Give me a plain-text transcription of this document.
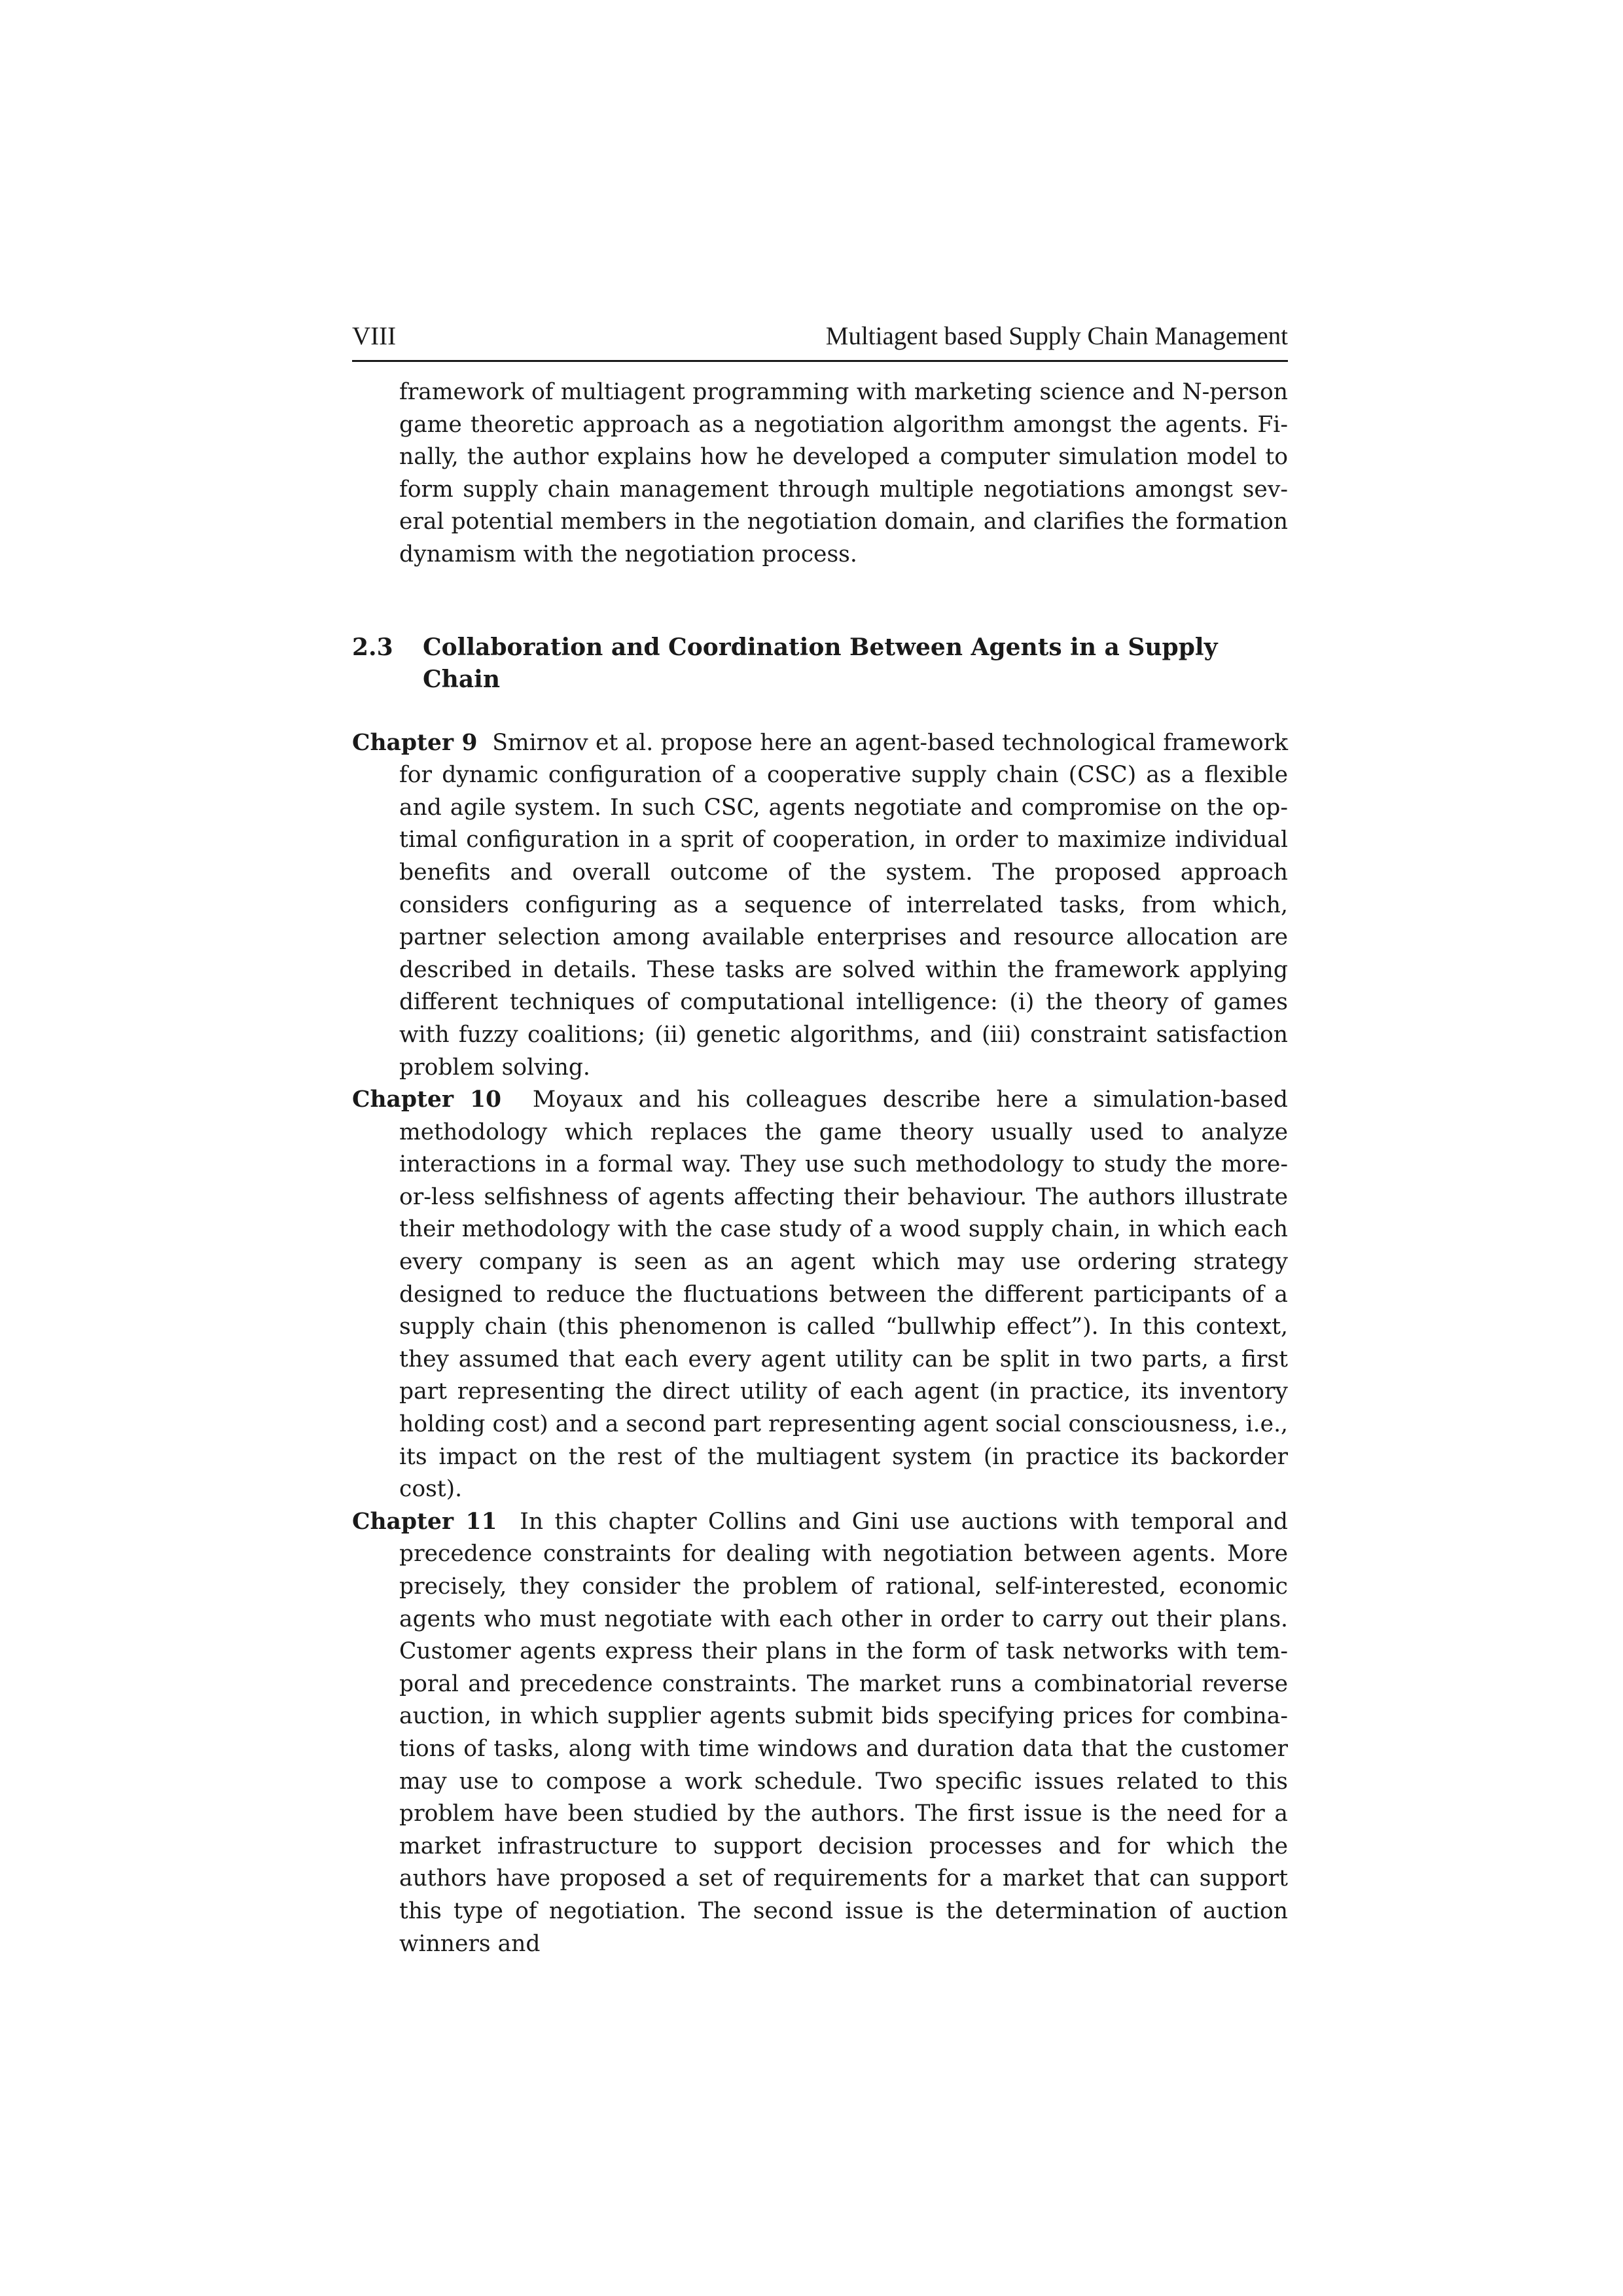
VIII	Multiagent based Supply Chain Management

framework of multiagent programming with marketing science and N-person game theoretic approach as a negotiation algorithm amongst the agents. Finally, the author explains how he developed a computer simulation model to form supply chain management through multiple negotiations amongst several potential members in the negotiation domain, and clarifies the formation dynamism with the negotiation process.

2.3	Collaboration and Coordination Between Agents in a Supply Chain

Chapter 9 Smirnov et al. propose here an agent-based technological framework for dynamic configuration of a cooperative supply chain (CSC) as a flexible and agile system. In such CSC, agents negotiate and compromise on the optimal configuration in a sprit of cooperation, in order to maximize individual benefits and overall outcome of the system. The proposed approach considers configuring as a sequence of interrelated tasks, from which, partner selection among available enterprises and resource allocation are described in details. These tasks are solved within the framework applying different techniques of computational intelligence: (i) the theory of games with fuzzy coalitions; (ii) genetic algorithms, and (iii) constraint satisfaction problem solving.

Chapter 10 Moyaux and his colleagues describe here a simulation-based methodology which replaces the game theory usually used to analyze interactions in a formal way. They use such methodology to study the more-or-less selfishness of agents affecting their behaviour. The authors illustrate their methodology with the case study of a wood supply chain, in which each every company is seen as an agent which may use ordering strategy designed to reduce the fluctuations between the different participants of a supply chain (this phenomenon is called “bullwhip effect”). In this context, they assumed that each every agent utility can be split in two parts, a first part representing the direct utility of each agent (in practice, its inventory holding cost) and a second part representing agent social consciousness, i.e., its impact on the rest of the multiagent system (in practice its backorder cost).

Chapter 11 In this chapter Collins and Gini use auctions with temporal and precedence constraints for dealing with negotiation between agents. More precisely, they consider the problem of rational, self-interested, economic agents who must negotiate with each other in order to carry out their plans. Customer agents express their plans in the form of task networks with temporal and precedence constraints. The market runs a combinatorial reverse auction, in which supplier agents submit bids specifying prices for combinations of tasks, along with time windows and duration data that the customer may use to compose a work schedule. Two specific issues related to this problem have been studied by the authors. The first issue is the need for a market infrastructure to support decision processes and for which the authors have proposed a set of requirements for a market that can support this type of negotiation. The second issue is the determination of auction winners and
